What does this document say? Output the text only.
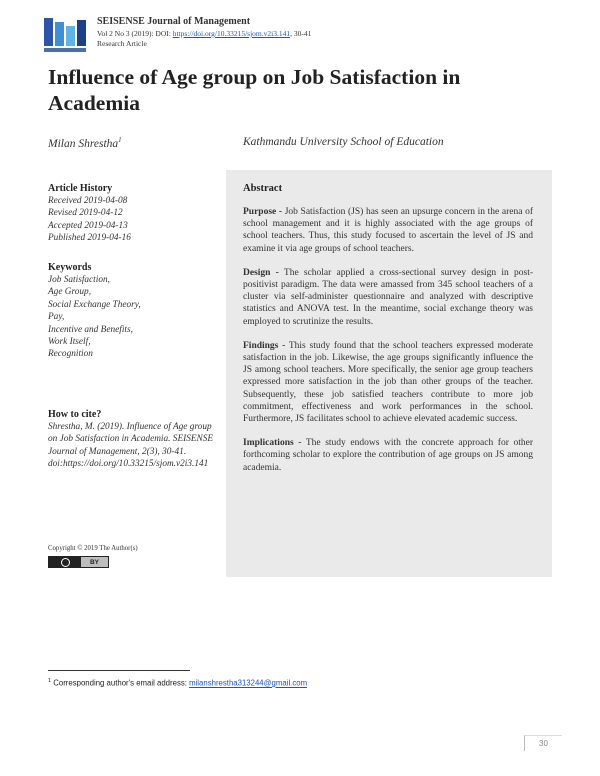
SEISENSE Journal of Management
Vol 2 No 3 (2019): DOI: https://doi.org/10.33215/sjom.v2i3.141, 30-41
Research Article
Influence of Age group on Job Satisfaction in Academia
Milan Shrestha$^1$	Kathmandu University School of Education
Article History
Received 2019-04-08
Revised 2019-04-12
Accepted 2019-04-13
Published 2019-04-16
Keywords
Job Satisfaction,
Age Group,
Social Exchange Theory,
Pay,
Incentive and Benefits,
Work Itself,
Recognition
How to cite?
Shrestha, M. (2019). Influence of Age group on Job Satisfaction in Academia. SEISENSE Journal of Management, 2(3), 30-41. doi:https://doi.org/10.33215/sjom.v2i3.141
Copyright © 2019 The Author(s)
BY
Abstract

Purpose - Job Satisfaction (JS) has seen an upsurge concern in the arena of school management and it is highly associated with the age groups of school teachers. Thus, this study focused to ascertain the level of JS and examine it via age groups of school teachers.

Design - The scholar applied a cross-sectional survey design in post-positivist paradigm. The data were amassed from 345 school teachers of a cluster via self-administer questionnaire and analyzed with descriptive statistics and ANOVA test. In the meantime, social exchange theory was employed to scrutinize the results.

Findings - This study found that the school teachers expressed moderate satisfaction in the job. Likewise, the age groups significantly influence the JS among school teachers. More specifically, the senior age group teachers expressed more satisfaction in the job than other groups of the teacher. Subsequently, these job satisfied teachers contribute to more job commitment, effectiveness and work performances in the school. Furthermore, JS facilitates school to achieve elevated academic success.

Implications - The study endows with the concrete approach for other forthcoming scholar to explore the contribution of age groups on JS among academia.

$^1$ Corresponding author's email address: milanshrestha313244@gmail.com
30
